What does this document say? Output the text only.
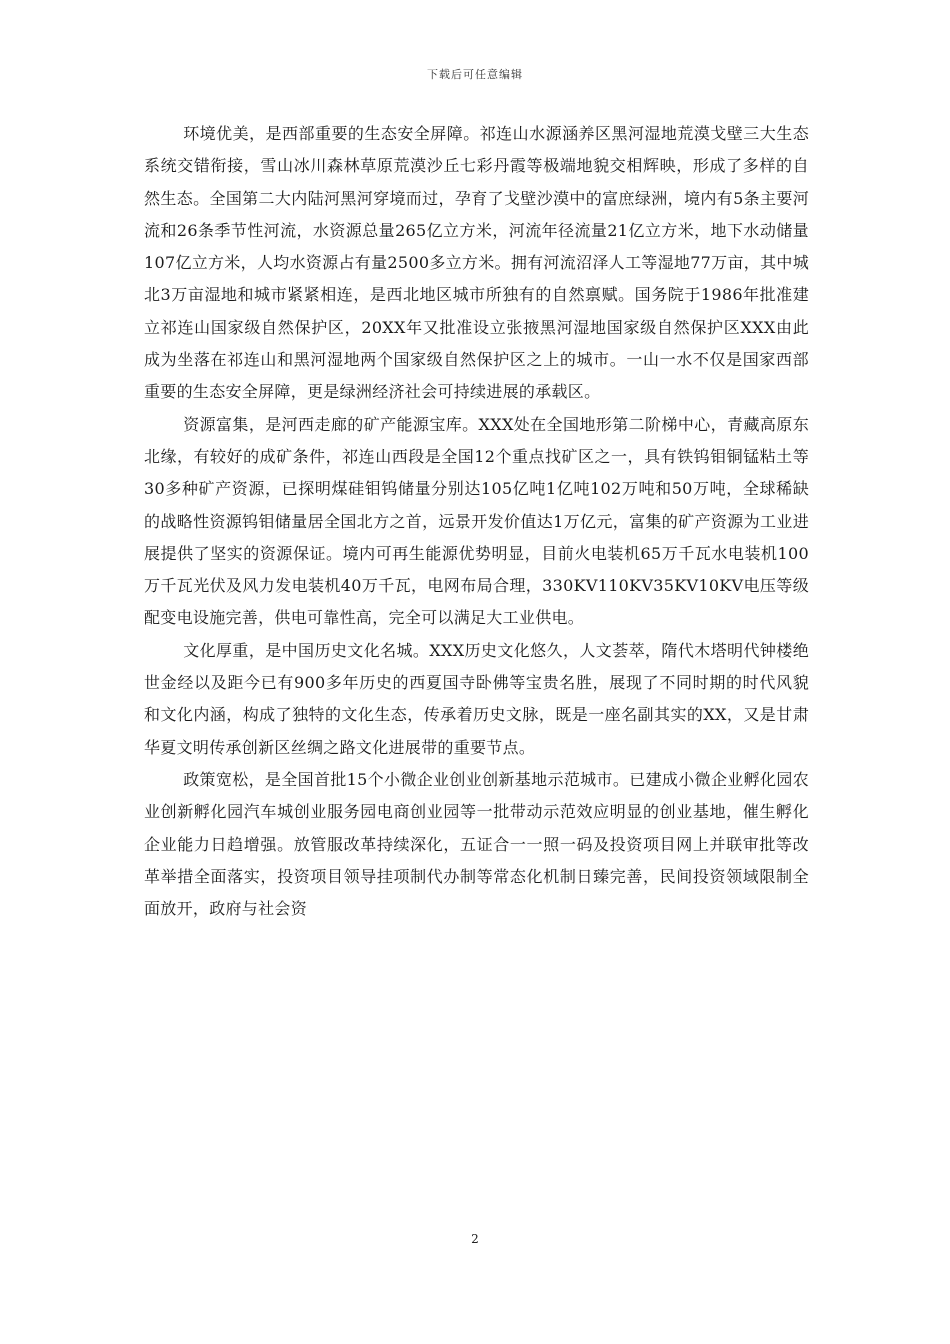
下载后可任意编辑

环境优美，是西部重要的生态安全屏障。祁连山水源涵养区黑河湿地荒漠戈壁三大生态系统交错衔接，雪山冰川森林草原荒漠沙丘七彩丹霞等极端地貌交相辉映，形成了多样的自然生态。全国第二大内陆河黑河穿境而过，孕育了戈壁沙漠中的富庶绿洲，境内有5条主要河流和26条季节性河流，水资源总量265亿立方米，河流年径流量21亿立方米，地下水动储量107亿立方米，人均水资源占有量2500多立方米。拥有河流沼泽人工等湿地77万亩，其中城北3万亩湿地和城市紧紧相连，是西北地区城市所独有的自然禀赋。国务院于1986年批准建立祁连山国家级自然保护区，20XX年又批准设立张掖黑河湿地国家级自然保护区XXX由此成为坐落在祁连山和黑河湿地两个国家级自然保护区之上的城市。一山一水不仅是国家西部重要的生态安全屏障，更是绿洲经济社会可持续进展的承载区。

资源富集，是河西走廊的矿产能源宝库。XXX处在全国地形第二阶梯中心，青藏高原东北缘，有较好的成矿条件，祁连山西段是全国12个重点找矿区之一，具有铁钨钼铜锰粘土等30多种矿产资源，已探明煤硅钼钨储量分别达105亿吨1亿吨102万吨和50万吨，全球稀缺的战略性资源钨钼储量居全国北方之首，远景开发价值达1万亿元，富集的矿产资源为工业进展提供了坚实的资源保证。境内可再生能源优势明显，目前火电装机65万千瓦水电装机100万千瓦光伏及风力发电装机40万千瓦，电网布局合理，330KV110KV35KV10KV电压等级配变电设施完善，供电可靠性高，完全可以满足大工业供电。

文化厚重，是中国历史文化名城。XXX历史文化悠久，人文荟萃，隋代木塔明代钟楼绝世金经以及距今已有900多年历史的西夏国寺卧佛等宝贵名胜，展现了不同时期的时代风貌和文化内涵，构成了独特的文化生态，传承着历史文脉，既是一座名副其实的XX，又是甘肃华夏文明传承创新区丝绸之路文化进展带的重要节点。

政策宽松，是全国首批15个小微企业创业创新基地示范城市。已建成小微企业孵化园农业创新孵化园汽车城创业服务园电商创业园等一批带动示范效应明显的创业基地，催生孵化企业能力日趋增强。放管服改革持续深化，五证合一一照一码及投资项目网上并联审批等改革举措全面落实，投资项目领导挂项制代办制等常态化机制日臻完善，民间投资领域限制全面放开，政府与社会资

2
